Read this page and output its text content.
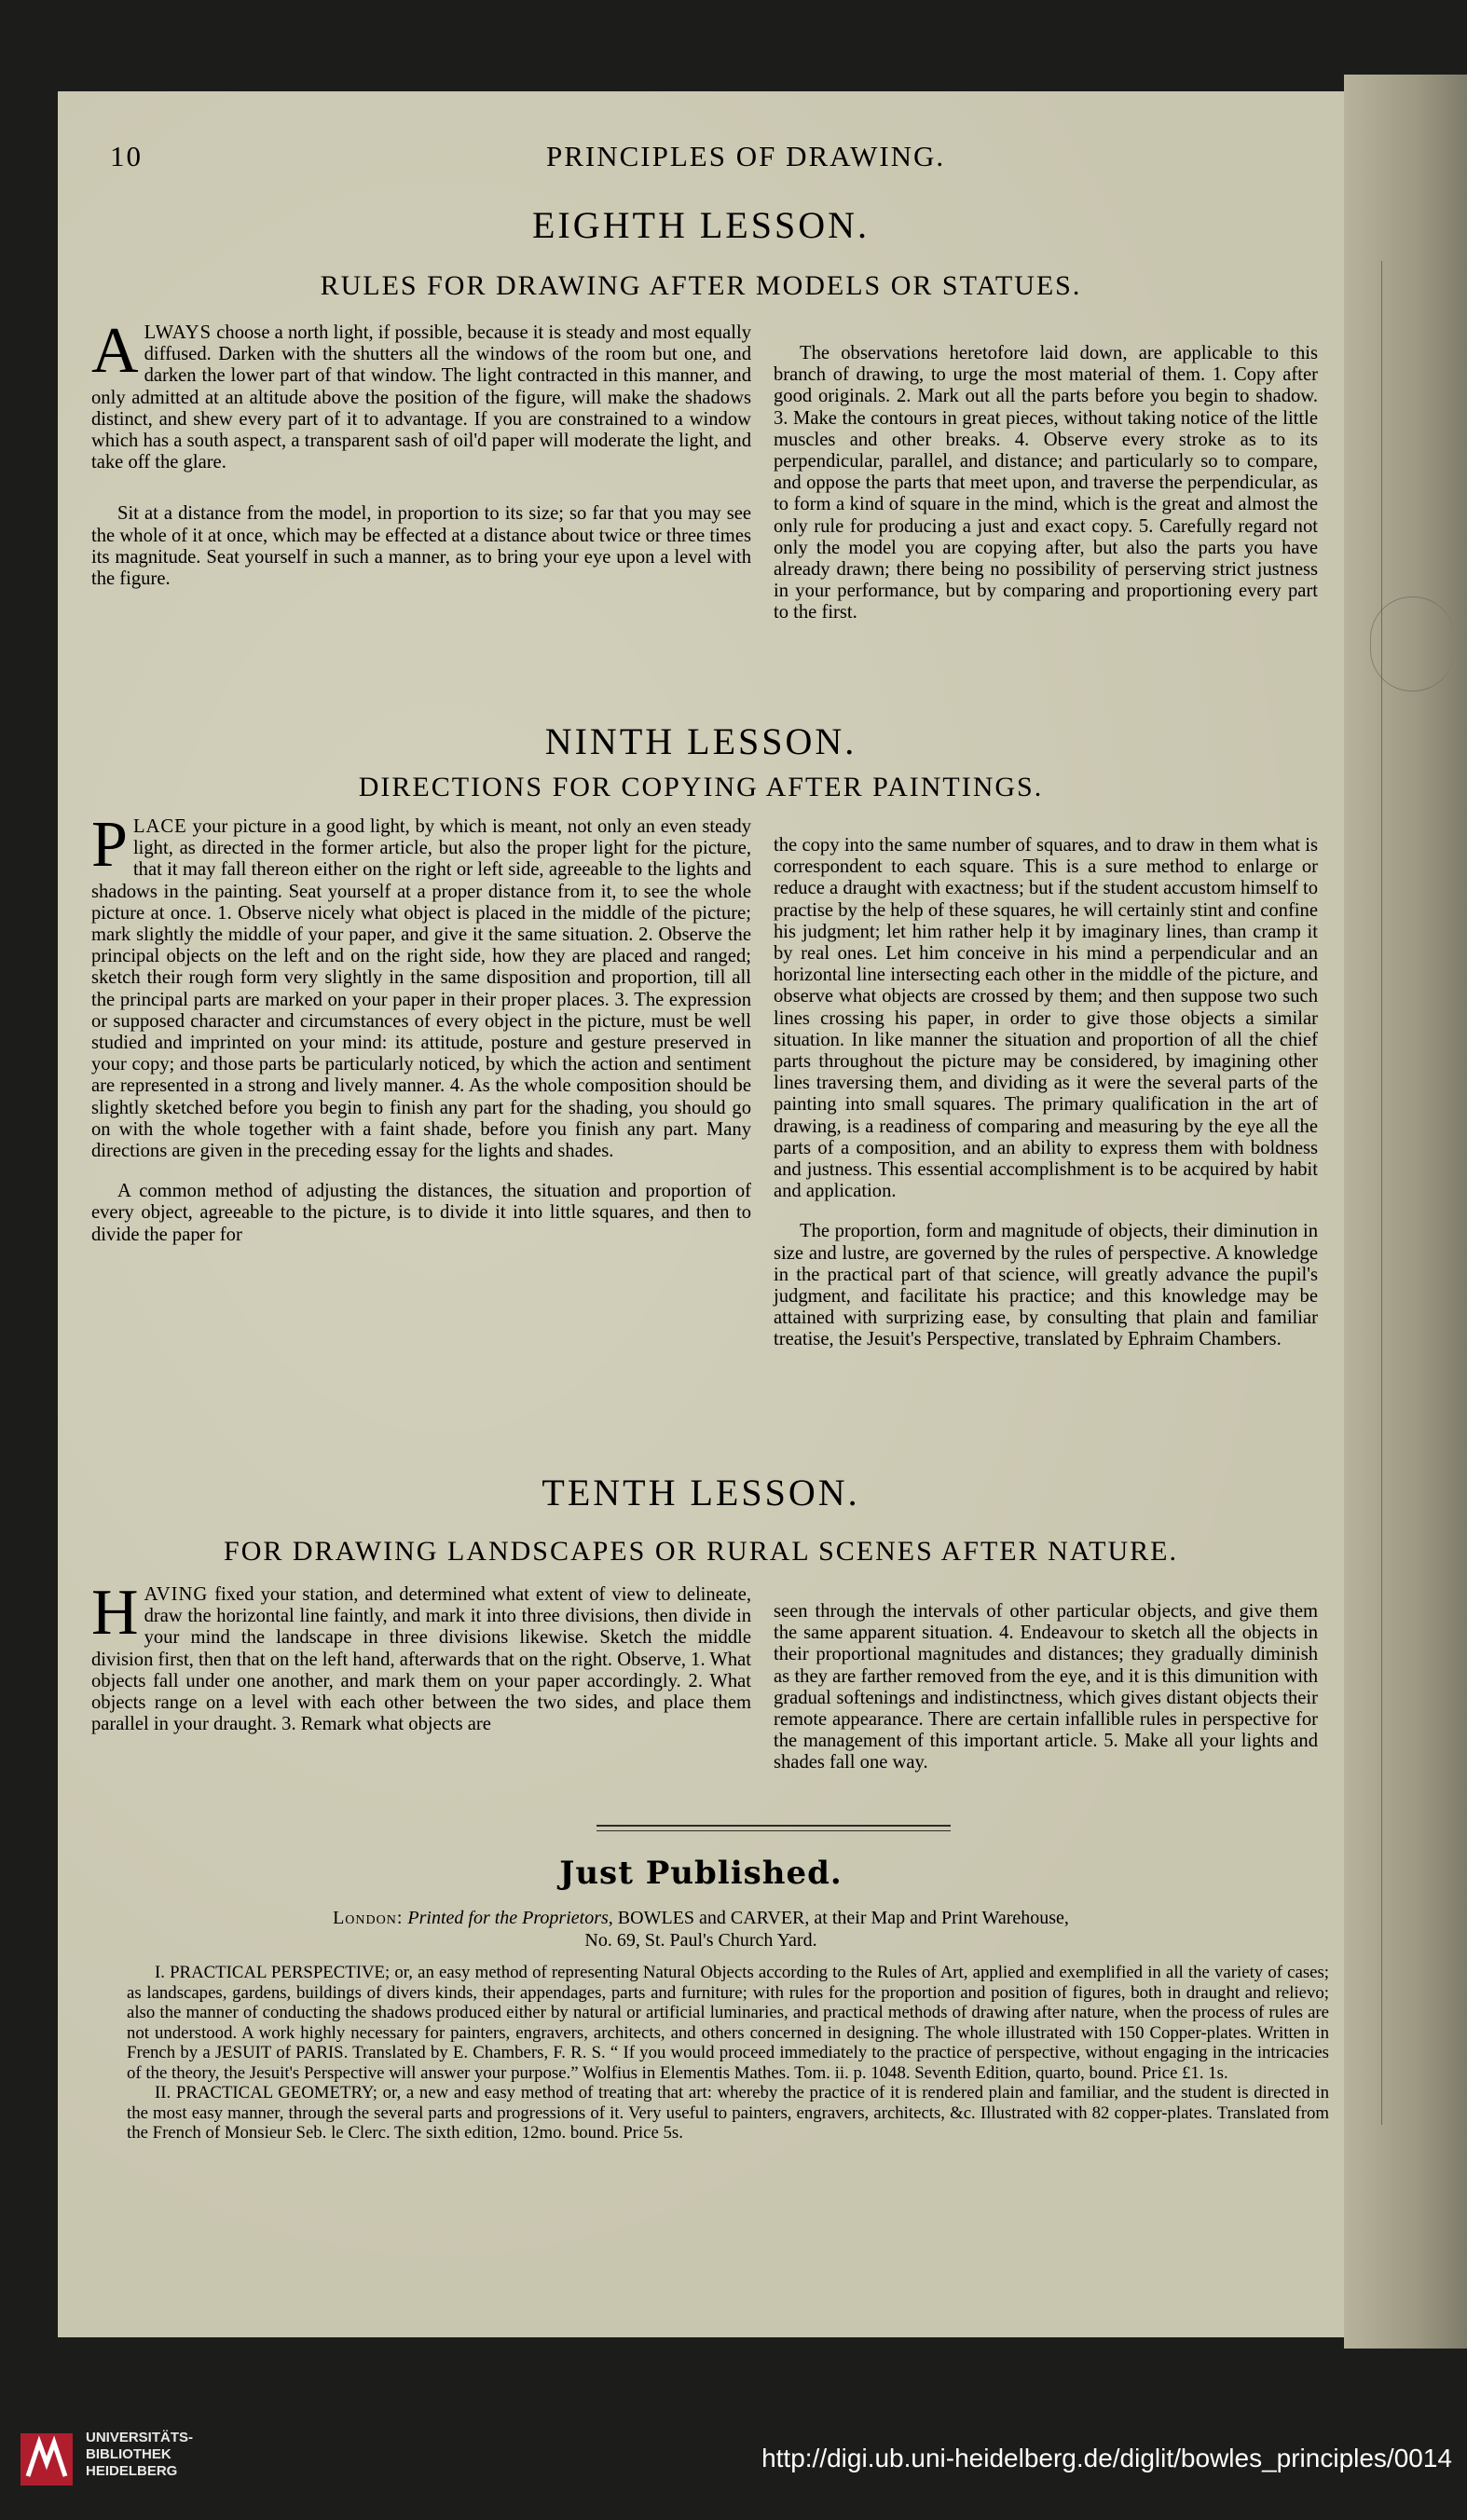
10	PRINCIPLES OF DRAWING.
EIGHTH LESSON.
RULES FOR DRAWING AFTER MODELS OR STATUES.

ALWAYS choose a north light, if possible, because it is steady and most equally diffused. Darken with the shutters all the windows of the room but one, and darken the lower part of that window. The light contracted in this manner, and only admitted at an altitude above the position of the figure, will make the shadows distinct, and shew every part of it to advantage. If you are constrained to a window which has a south aspect, a transparent sash of oil'd paper will moderate the light, and take off the glare.

Sit at a distance from the model, in proportion to its size; so far that you may see the whole of it at once, which may be effected at a distance about twice or three times its magnitude. Seat yourself in such a manner, as to bring your eye upon a level with the figure.

The observations heretofore laid down, are applicable to this branch of drawing, to urge the most material of them. 1. Copy after good originals. 2. Mark out all the parts before you begin to shadow. 3. Make the contours in great pieces, without taking notice of the little muscles and other breaks. 4. Observe every stroke as to its perpendicular, parallel, and distance; and particularly so to compare, and oppose the parts that meet upon, and traverse the perpendicular, as to form a kind of square in the mind, which is the great and almost the only rule for producing a just and exact copy. 5. Carefully regard not only the model you are copying after, but also the parts you have already drawn; there being no possibility of perserving strict justness in your performance, but by comparing and proportioning every part to the first.

NINTH LESSON.
DIRECTIONS FOR COPYING AFTER PAINTINGS.

PLACE your picture in a good light, by which is meant, not only an even steady light, as directed in the former article, but also the proper light for the picture, that it may fall thereon either on the right or left side, agreeable to the lights and shadows in the painting. Seat yourself at a proper distance from it, to see the whole picture at once. 1. Observe nicely what object is placed in the middle of the picture; mark slightly the middle of your paper, and give it the same situation. 2. Observe the principal objects on the left and on the right side, how they are placed and ranged; sketch their rough form very slightly in the same disposition and proportion, till all the principal parts are marked on your paper in their proper places. 3. The expression or supposed character and circumstances of every object in the picture, must be well studied and imprinted on your mind: its attitude, posture and gesture preserved in your copy; and those parts be particularly noticed, by which the action and sentiment are represented in a strong and lively manner. 4. As the whole composition should be slightly sketched before you begin to finish any part for the shading, you should go on with the whole together with a faint shade, before you finish any part. Many directions are given in the preceding essay for the lights and shades.

A common method of adjusting the distances, the situation and proportion of every object, agreeable to the picture, is to divide it into little squares, and then to divide the paper for

the copy into the same number of squares, and to draw in them what is correspondent to each square. This is a sure method to enlarge or reduce a draught with exactness; but if the student accustom himself to practise by the help of these squares, he will certainly stint and confine his judgment; let him rather help it by imaginary lines, than cramp it by real ones. Let him conceive in his mind a perpendicular and an horizontal line intersecting each other in the middle of the picture, and observe what objects are crossed by them; and then suppose two such lines crossing his paper, in order to give those objects a similar situation. In like manner the situation and proportion of all the chief parts throughout the picture may be considered, by imagining other lines traversing them, and dividing as it were the several parts of the painting into small squares. The primary qualification in the art of drawing, is a readiness of comparing and measuring by the eye all the parts of a composition, and an ability to express them with boldness and justness. This essential accomplishment is to be acquired by habit and application.

The proportion, form and magnitude of objects, their diminution in size and lustre, are governed by the rules of perspective. A knowledge in the practical part of that science, will greatly advance the pupil's judgment, and facilitate his practice; and this knowledge may be attained with surprizing ease, by consulting that plain and familiar treatise, the Jesuit's Perspective, translated by Ephraim Chambers.

TENTH LESSON.
FOR DRAWING LANDSCAPES OR RURAL SCENES AFTER NATURE.

HAVING fixed your station, and determined what extent of view to delineate, draw the horizontal line faintly, and mark it into three divisions, then divide in your mind the landscape in three divisions likewise. Sketch the middle division first, then that on the left hand, afterwards that on the right. Observe, 1. What objects fall under one another, and mark them on your paper accordingly. 2. What objects range on a level with each other between the two sides, and place them parallel in your draught. 3. Remark what objects are

seen through the intervals of other particular objects, and give them the same apparent situation. 4. Endeavour to sketch all the objects in their proportional magnitudes and distances; they gradually diminish as they are farther removed from the eye, and it is this dimunition with gradual softenings and indistinctness, which gives distant objects their remote appearance. There are certain infallible rules in perspective for the management of this important article. 5. Make all your lights and shades fall one way.

Just Published.
London: Printed for the Proprietors, BOWLES and CARVER, at their Map and Print Warehouse,
No. 69, St. Paul's Church Yard.

I. PRACTICAL PERSPECTIVE; or, an easy method of representing Natural Objects according to the Rules of Art, applied and exemplified in all the variety of cases; as landscapes, gardens, buildings of divers kinds, their appendages, parts and furniture; with rules for the proportion and position of figures, both in draught and relievo; also the manner of conducting the shadows produced either by natural or artificial luminaries, and practical methods of drawing after nature, when the process of rules are not understood. A work highly necessary for painters, engravers, architects, and others concerned in designing. The whole illustrated with 150 Copper-plates. Written in French by a JESUIT of PARIS. Translated by E. Chambers, F. R. S. “ If you would proceed immediately to the practice of perspective, without engaging in the intricacies of the theory, the Jesuit's Perspective will answer your purpose.” Wolfius in Elementis Mathes. Tom. ii. p. 1048. Seventh Edition, quarto, bound. Price £1. 1s.

II. PRACTICAL GEOMETRY; or, a new and easy method of treating that art: whereby the practice of it is rendered plain and familiar, and the student is directed in the most easy manner, through the several parts and progressions of it. Very useful to painters, engravers, architects, &c. Illustrated with 82 copper-plates. Translated from the French of Monsieur Seb. le Clerc. The sixth edition, 12mo. bound. Price 5s.

UNIVERSITÄTS-
BIBLIOTHEK
HEIDELBERG	http://digi.ub.uni-heidelberg.de/diglit/bowles_principles/0014
